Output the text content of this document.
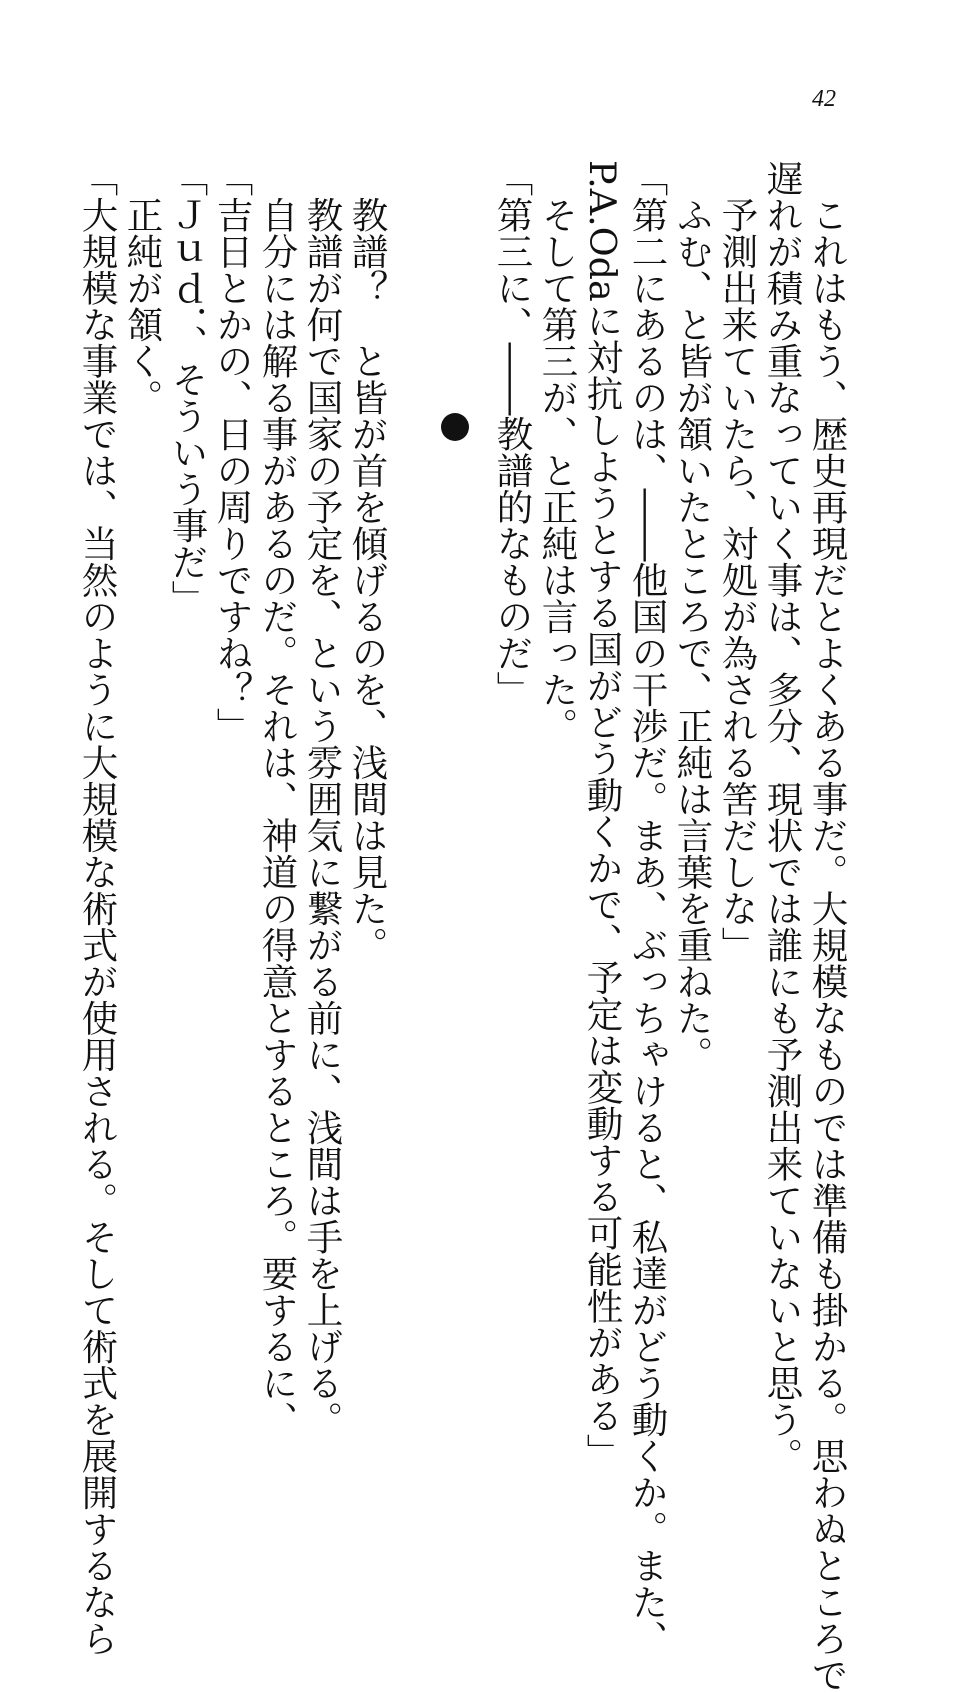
42
　これはもう、歴史再現だとよくある事だ。大規模なものでは準備も掛かる。思わぬところで
遅れが積み重なっていく事は、多分、現状では誰にも予測出来ていないと思う。
　予測出来ていたら、対処が為される筈だしな」
　ふむ、と皆が頷いたところで、正純は言葉を重ねた。
「第二にあるのは、――他国の干渉だ。まあ、ぶっちゃけると、私達がどう動くか。また、
P.A.Odaに対抗しようとする国がどう動くかで、予定は変動する可能性がある」
　そして第三が、と正純は言った。
「第三に、――教譜的なものだ」
　教譜？　と皆が首を傾げるのを、浅間は見た。
　教譜が何で国家の予定を、という雰囲気に繋がる前に、浅間は手を上げる。
　自分には解る事があるのだ。それは、神道の得意とするところ。要するに、
「吉日とかの、日の周りですね？」
「Ｊｕｄ．、そういう事だ」
　正純が頷く。
「大規模な事業では、当然のように大規模な術式が使用される。そして術式を展開するなら
